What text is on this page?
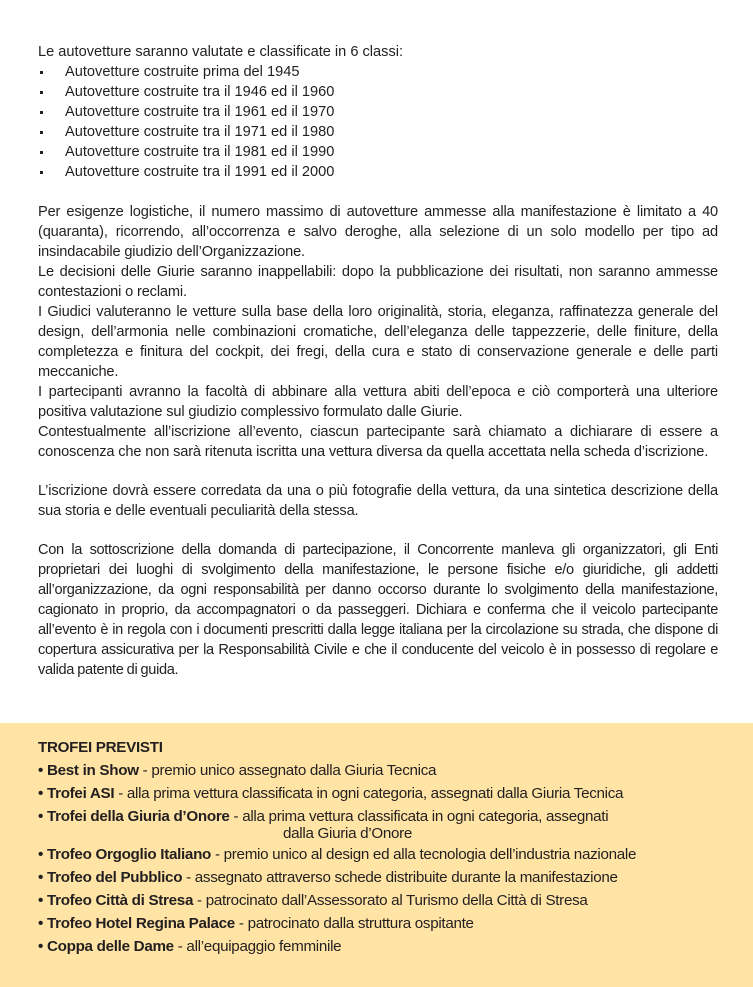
Le autovetture saranno valutate e classificate in 6 classi:

Autovetture costruite prima del 1945
Autovetture costruite tra il 1946 ed il 1960
Autovetture costruite tra il 1961 ed il 1970
Autovetture costruite tra il 1971 ed il 1980
Autovetture costruite tra il 1981 ed il 1990
Autovetture costruite tra il 1991 ed il 2000

Per esigenze logistiche, il numero massimo di autovetture ammesse alla manifestazione è limitato a 40 (quaranta), ricorrendo, all’occorrenza e salvo deroghe, alla selezione di un solo modello per tipo ad insindacabile giudizio dell’Organizzazione.

Le decisioni delle Giurie saranno inappellabili: dopo la pubblicazione dei risultati, non saranno ammesse contestazioni o reclami.

I Giudici valuteranno le vetture sulla base della loro originalità, storia, eleganza, raffinatezza generale del design, dell’armonia nelle combinazioni cromatiche, dell’eleganza delle tappezzerie, delle finiture, della completezza e finitura del cockpit, dei fregi, della cura e stato di conservazione generale e delle parti meccaniche.

I partecipanti avranno la facoltà di abbinare alla vettura abiti dell’epoca e ciò comporterà una ulteriore positiva valutazione sul giudizio complessivo formulato dalle Giurie.

Contestualmente all’iscrizione all’evento, ciascun partecipante sarà chiamato a dichiarare di essere a conoscenza che non sarà ritenuta iscritta una vettura diversa da quella accettata nella scheda d’iscrizione.

L’iscrizione dovrà essere corredata da una o più fotografie della vettura, da una sintetica descrizione della sua storia e delle eventuali peculiarità della stessa.

Con la sottoscrizione della domanda di partecipazione, il Concorrente manleva gli organizzatori, gli Enti proprietari dei luoghi di svolgimento della manifestazione, le persone fisiche e/o giuridiche, gli addetti all’organizzazione, da ogni responsabilità per danno occorso durante lo svolgimento della manifestazione, cagionato in proprio, da accompagnatori o da passeggeri. Dichiara e conferma che il veicolo partecipante all’evento è in regola con i documenti prescritti dalla legge italiana per la circolazione su strada, che dispone di copertura assicurativa per la Responsabilità Civile e che il conducente del veicolo è in possesso di regolare e valida patente di guida.

TROFEI PREVISTI
• Best in Show - premio unico assegnato dalla Giuria Tecnica
• Trofei ASI - alla prima vettura classificata in ogni categoria, assegnati dalla Giuria Tecnica
• Trofei della Giuria d’Onore - alla prima vettura classificata in ogni categoria, assegnati
dalla Giuria d’Onore
• Trofeo Orgoglio Italiano - premio unico al design ed alla tecnologia dell’industria nazionale
• Trofeo del Pubblico - assegnato attraverso schede distribuite durante la manifestazione
• Trofeo Città di Stresa - patrocinato dall’Assessorato al Turismo della Città di Stresa
• Trofeo Hotel Regina Palace - patrocinato dalla struttura ospitante
• Coppa delle Dame - all’equipaggio femminile
